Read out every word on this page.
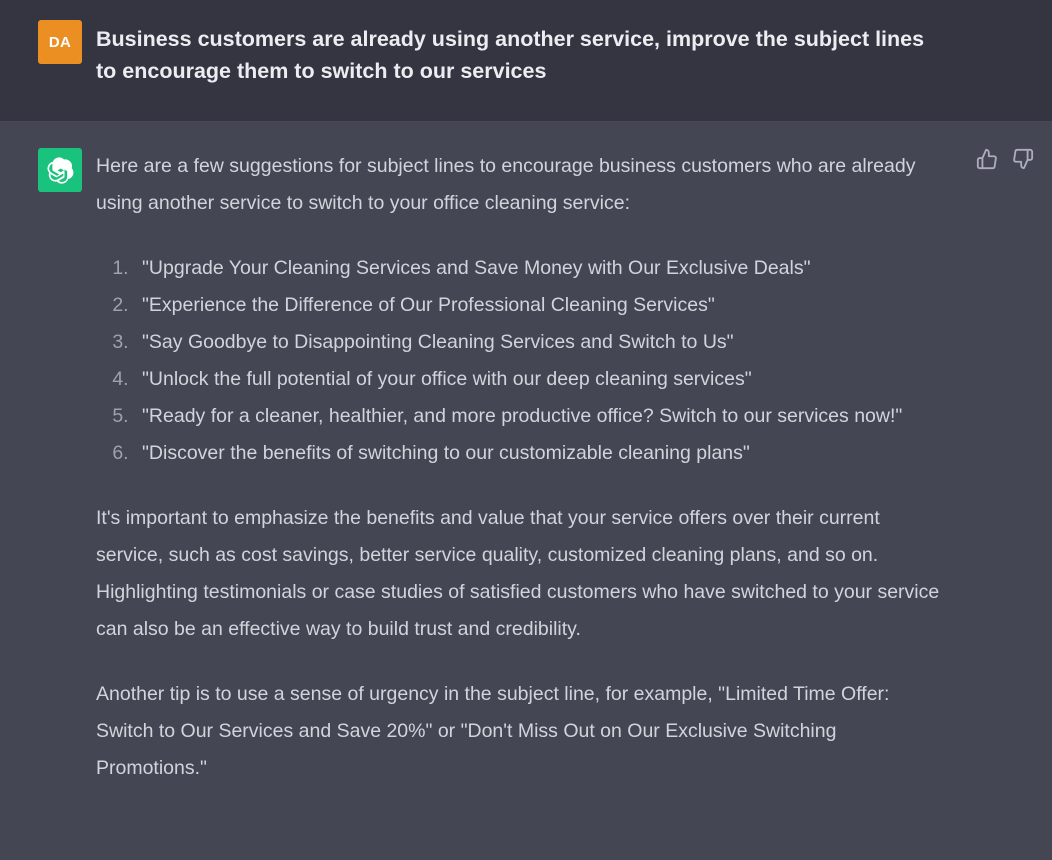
DA Business customers are already using another service, improve the subject lines to encourage them to switch to our services

Here are a few suggestions for subject lines to encourage business customers who are already using another service to switch to your office cleaning service:

1. "Upgrade Your Cleaning Services and Save Money with Our Exclusive Deals"
2. "Experience the Difference of Our Professional Cleaning Services"
3. "Say Goodbye to Disappointing Cleaning Services and Switch to Us"
4. "Unlock the full potential of your office with our deep cleaning services"
5. "Ready for a cleaner, healthier, and more productive office? Switch to our services now!"
6. "Discover the benefits of switching to our customizable cleaning plans"

It's important to emphasize the benefits and value that your service offers over their current service, such as cost savings, better service quality, customized cleaning plans, and so on. Highlighting testimonials or case studies of satisfied customers who have switched to your service can also be an effective way to build trust and credibility.

Another tip is to use a sense of urgency in the subject line, for example, "Limited Time Offer: Switch to Our Services and Save 20%" or "Don't Miss Out on Our Exclusive Switching Promotions."
